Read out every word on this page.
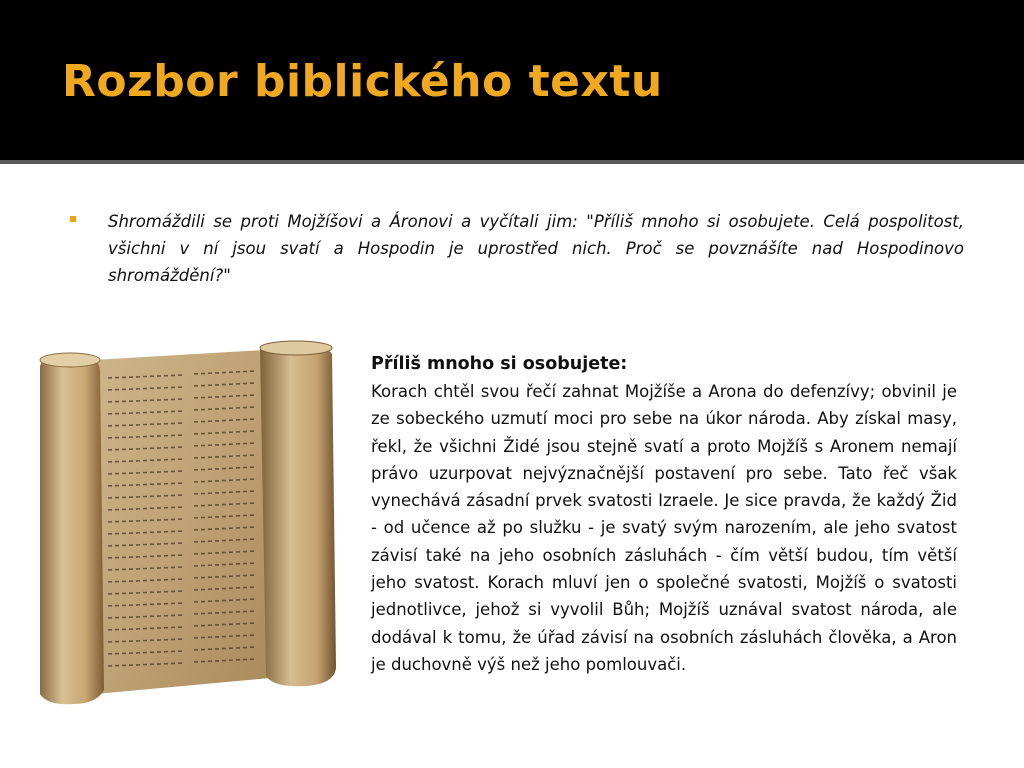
Rozbor biblického textu

Shromáždili se proti Mojžíšovi a Áronovi a vyčítali jim: "Příliš mnoho si osobujete. Celá pospolitost, všichni v ní jsou svatí a Hospodin je uprostřed nich. Proč se povznášíte nad Hospodinovo shromáždění?"

Příliš mnoho si osobujete:

Korach chtěl svou řečí zahnat Mojžíše a Arona do defenzívy; obvinil je ze sobeckého uzmutí moci pro sebe na úkor národa. Aby získal masy, řekl, že všichni Židé jsou stejně svatí a proto Mojžíš s Aronem nemají právo uzurpovat nejvýznačnější postavení pro sebe. Tato řeč však vynechává zásadní prvek svatosti Izraele. Je sice pravda, že každý Žid - od učence až po služku - je svatý svým narozením, ale jeho svatost závisí také na jeho osobních zásluhách - čím větší budou, tím větší jeho svatost. Korach mluví jen o společné svatosti, Mojžíš o svatosti jednotlivce, jehož si vyvolil Bůh; Mojžíš uznával svatost národa, ale dodával k tomu, že úřad závisí na osobních zásluhách člověka, a Aron je duchovně výš než jeho pomlouvači.
